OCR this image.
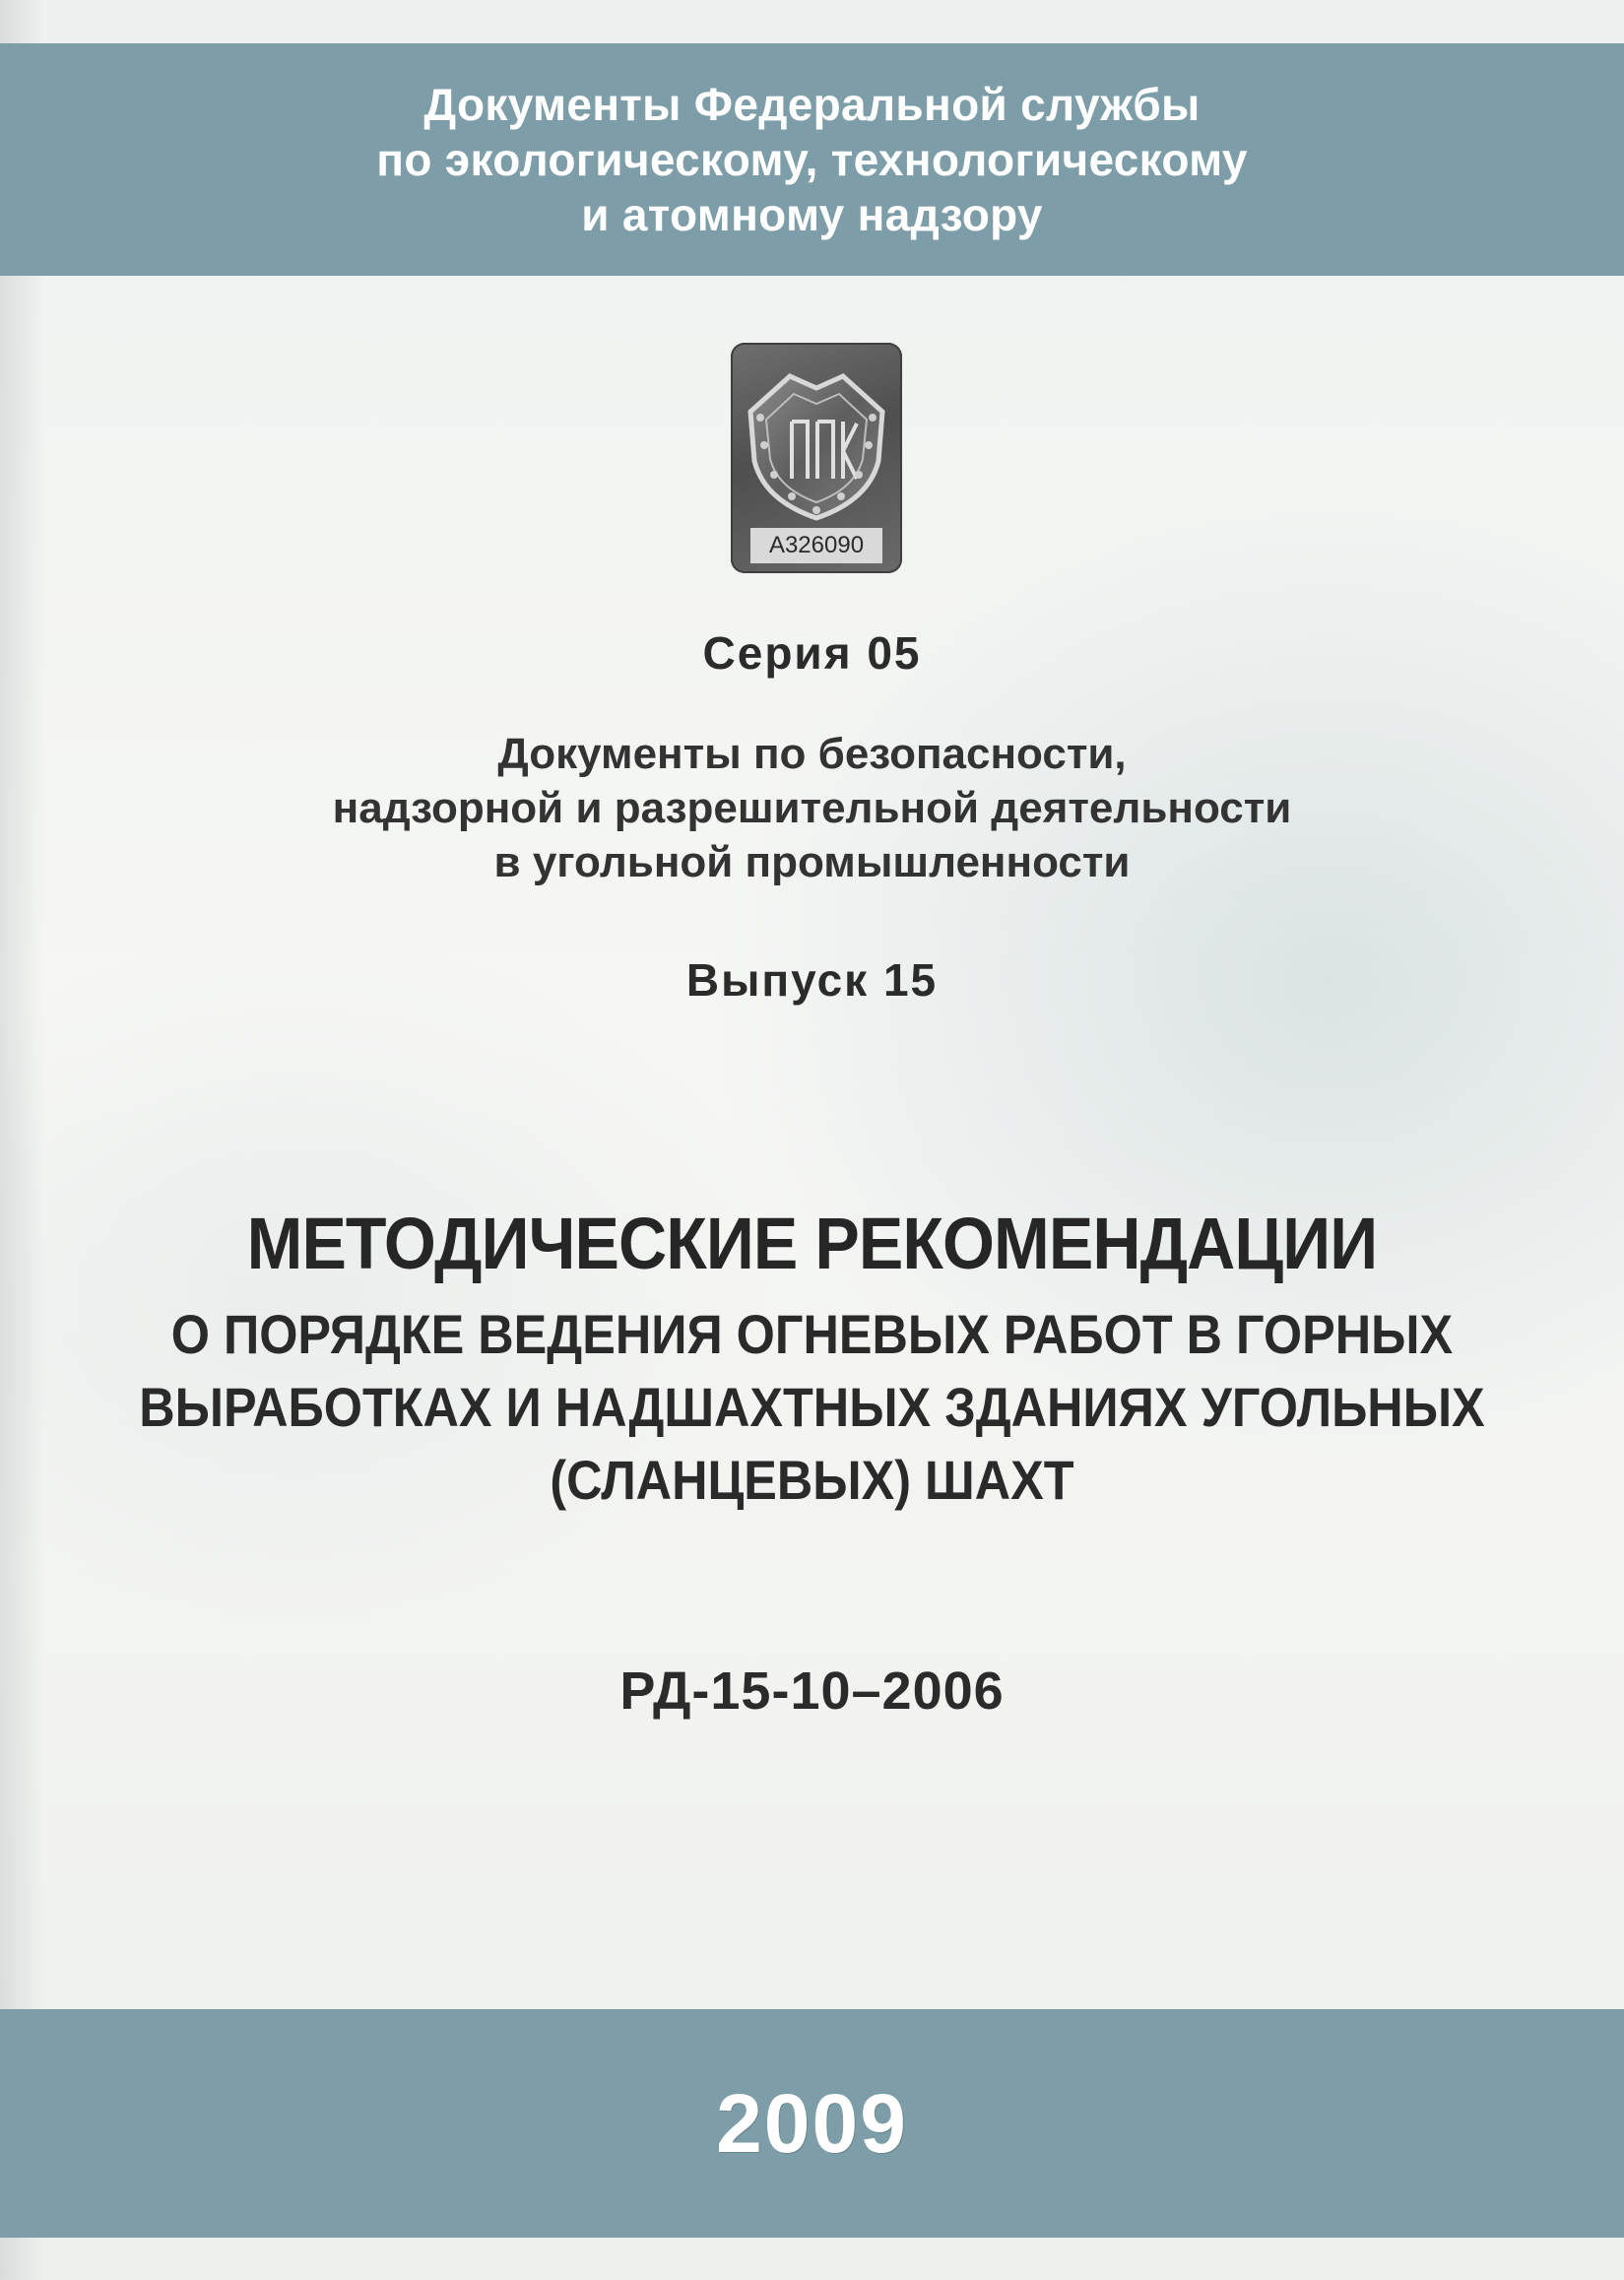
Документы Федеральной службы
по экологическому, технологическому
и атомному надзору
A326090
Серия 05
Документы по безопасности,
надзорной и разрешительной деятельности
в угольной промышленности
Выпуск 15
МЕТОДИЧЕСКИЕ РЕКОМЕНДАЦИИ
О ПОРЯДКЕ ВЕДЕНИЯ ОГНЕВЫХ РАБОТ В ГОРНЫХ
ВЫРАБОТКАХ И НАДШАХТНЫХ ЗДАНИЯХ УГОЛЬНЫХ
(СЛАНЦЕВЫХ) ШАХТ
РД-15-10–2006
2009
